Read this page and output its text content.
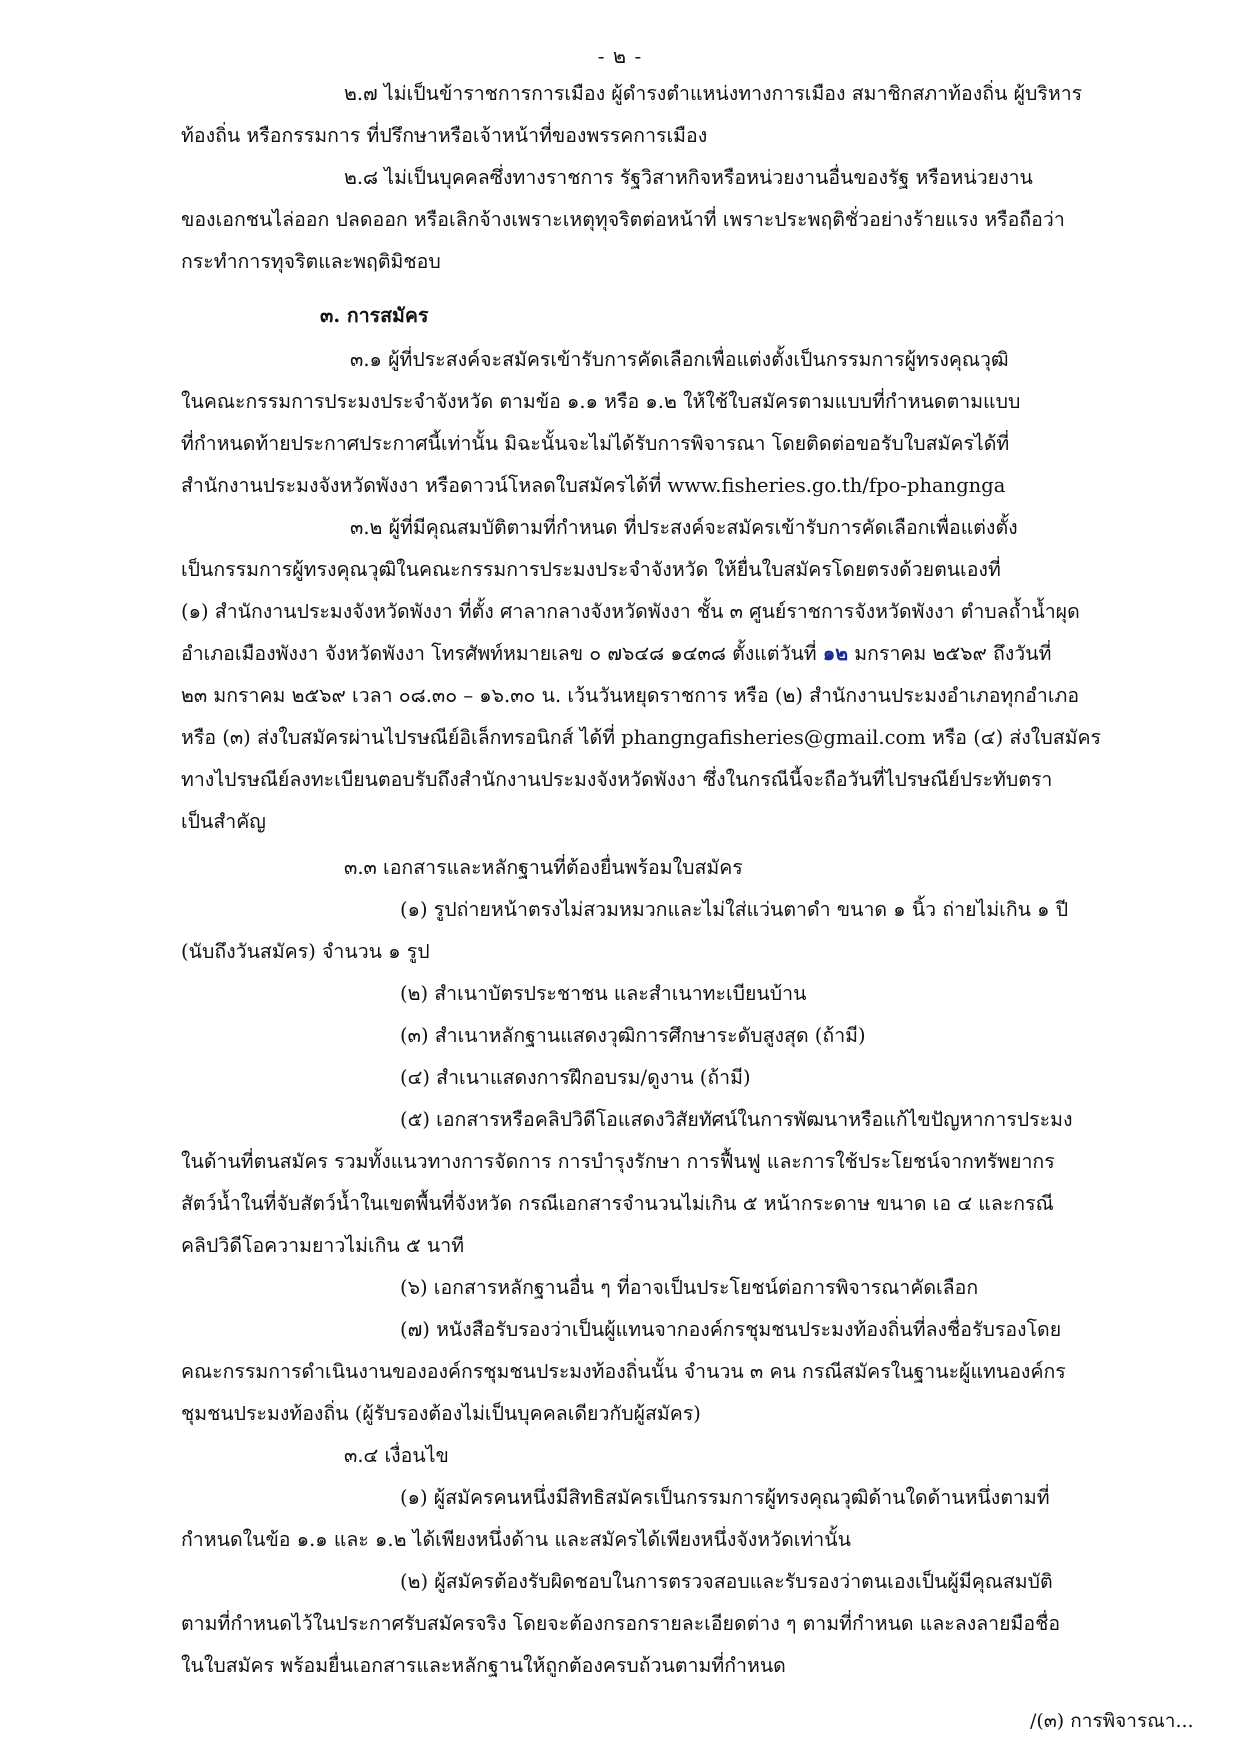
- ๒ -
๒.๗ ไม่เป็นข้าราชการการเมือง ผู้ดำรงตำแหน่งทางการเมือง สมาชิกสภาท้องถิ่น ผู้บริหาร
ท้องถิ่น หรือกรรมการ ที่ปรึกษาหรือเจ้าหน้าที่ของพรรคการเมือง
๒.๘ ไม่เป็นบุคคลซึ่งทางราชการ รัฐวิสาหกิจหรือหน่วยงานอื่นของรัฐ หรือหน่วยงาน
ของเอกชนไล่ออก ปลดออก หรือเลิกจ้างเพราะเหตุทุจริตต่อหน้าที่ เพราะประพฤติชั่วอย่างร้ายแรง หรือถือว่า
กระทำการทุจริตและพฤติมิชอบ
๓. การสมัคร
๓.๑ ผู้ที่ประสงค์จะสมัครเข้ารับการคัดเลือกเพื่อแต่งตั้งเป็นกรรมการผู้ทรงคุณวุฒิ
ในคณะกรรมการประมงประจำจังหวัด ตามข้อ ๑.๑ หรือ ๑.๒ ให้ใช้ใบสมัครตามแบบที่กำหนดตามแบบ
ที่กำหนดท้ายประกาศประกาศนี้เท่านั้น มิฉะนั้นจะไม่ได้รับการพิจารณา โดยติดต่อขอรับใบสมัครได้ที่
สำนักงานประมงจังหวัดพังงา หรือดาวน์โหลดใบสมัครได้ที่ www.fisheries.go.th/fpo-phangnga
๓.๒ ผู้ที่มีคุณสมบัติตามที่กำหนด ที่ประสงค์จะสมัครเข้ารับการคัดเลือกเพื่อแต่งตั้ง
เป็นกรรมการผู้ทรงคุณวุฒิในคณะกรรมการประมงประจำจังหวัด ให้ยื่นใบสมัครโดยตรงด้วยตนเองที่
(๑) สำนักงานประมงจังหวัดพังงา ที่ตั้ง ศาลากลางจังหวัดพังงา ชั้น ๓ ศูนย์ราชการจังหวัดพังงา ตำบลถ้ำน้ำผุด
อำเภอเมืองพังงา จังหวัดพังงา โทรศัพท์หมายเลข ๐ ๗๖๔๘ ๑๔๓๘ ตั้งแต่วันที่ ๑๒ มกราคม ๒๕๖๙ ถึงวันที่
๒๓ มกราคม ๒๕๖๙ เวลา ๐๘.๓๐ – ๑๖.๓๐ น. เว้นวันหยุดราชการ หรือ (๒) สำนักงานประมงอำเภอทุกอำเภอ
หรือ (๓) ส่งใบสมัครผ่านไปรษณีย์อิเล็กทรอนิกส์ ได้ที่ phangngafisheries@gmail.com หรือ (๔) ส่งใบสมัคร
ทางไปรษณีย์ลงทะเบียนตอบรับถึงสำนักงานประมงจังหวัดพังงา ซึ่งในกรณีนี้จะถือวันที่ไปรษณีย์ประทับตรา
เป็นสำคัญ
๓.๓ เอกสารและหลักฐานที่ต้องยื่นพร้อมใบสมัคร
(๑) รูปถ่ายหน้าตรงไม่สวมหมวกและไม่ใส่แว่นตาดำ ขนาด ๑ นิ้ว ถ่ายไม่เกิน ๑ ปี
(นับถึงวันสมัคร) จำนวน ๑ รูป
(๒) สำเนาบัตรประชาชน และสำเนาทะเบียนบ้าน
(๓) สำเนาหลักฐานแสดงวุฒิการศึกษาระดับสูงสุด (ถ้ามี)
(๔) สำเนาแสดงการฝึกอบรม/ดูงาน (ถ้ามี)
(๕) เอกสารหรือคลิปวิดีโอแสดงวิสัยทัศน์ในการพัฒนาหรือแก้ไขปัญหาการประมง
ในด้านที่ตนสมัคร รวมทั้งแนวทางการจัดการ การบำรุงรักษา การฟื้นฟู และการใช้ประโยชน์จากทรัพยากร
สัตว์น้ำในที่จับสัตว์น้ำในเขตพื้นที่จังหวัด กรณีเอกสารจำนวนไม่เกิน ๕ หน้ากระดาษ ขนาด เอ ๔ และกรณี
คลิปวิดีโอความยาวไม่เกิน ๕ นาที
(๖) เอกสารหลักฐานอื่น ๆ ที่อาจเป็นประโยชน์ต่อการพิจารณาคัดเลือก
(๗) หนังสือรับรองว่าเป็นผู้แทนจากองค์กรชุมชนประมงท้องถิ่นที่ลงชื่อรับรองโดย
คณะกรรมการดำเนินงานขององค์กรชุมชนประมงท้องถิ่นนั้น จำนวน ๓ คน กรณีสมัครในฐานะผู้แทนองค์กร
ชุมชนประมงท้องถิ่น (ผู้รับรองต้องไม่เป็นบุคคลเดียวกับผู้สมัคร)
๓.๔ เงื่อนไข
(๑) ผู้สมัครคนหนึ่งมีสิทธิสมัครเป็นกรรมการผู้ทรงคุณวุฒิด้านใดด้านหนึ่งตามที่
กำหนดในข้อ ๑.๑ และ ๑.๒ ได้เพียงหนึ่งด้าน และสมัครได้เพียงหนึ่งจังหวัดเท่านั้น
(๒) ผู้สมัครต้องรับผิดชอบในการตรวจสอบและรับรองว่าตนเองเป็นผู้มีคุณสมบัติ
ตามที่กำหนดไว้ในประกาศรับสมัครจริง โดยจะต้องกรอกรายละเอียดต่าง ๆ ตามที่กำหนด และลงลายมือชื่อ
ในใบสมัคร พร้อมยื่นเอกสารและหลักฐานให้ถูกต้องครบถ้วนตามที่กำหนด
/(๓) การพิจารณา...
